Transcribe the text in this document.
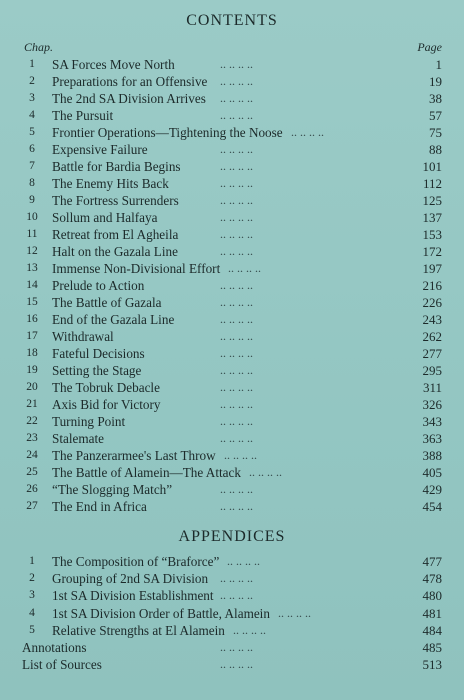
CONTENTS
Chap.	Page
1	SA Forces Move North	.. .. .. ..	1
2	Preparations for an Offensive .. .. .. ..	19
3	The 2nd SA Division Arrives .. .. .. ..	38
4	The Pursuit	.. .. .. ..	57
5	Frontier Operations—Tightening the Noose .. .. .. ..	75
6	Expensive Failure	.. .. .. ..	88
7	Battle for Bardia Begins	.. .. .. ..	101
8	The Enemy Hits Back	.. .. .. ..	112
9	The Fortress Surrenders	.. .. .. ..	125
10	Sollum and Halfaya	.. .. .. ..	137
11	Retreat from El Agheila	.. .. .. ..	153
12	Halt on the Gazala Line	.. .. .. ..	172
13	Immense Non-Divisional Effort .. .. .. ..	197
14	Prelude to Action	.. .. .. ..	216
15	The Battle of Gazala	.. .. .. ..	226
16	End of the Gazala Line	.. .. .. ..	243
17	Withdrawal	.. .. .. ..	262
18	Fateful Decisions	.. .. .. ..	277
19	Setting the Stage	.. .. .. ..	295
20	The Tobruk Debacle	.. .. .. ..	311
21	Axis Bid for Victory	.. .. .. ..	326
22	Turning Point	.. .. .. ..	343
23	Stalemate	.. .. .. ..	363
24	The Panzerarmee's Last Throw .. .. .. ..	388
25	The Battle of Alamein—The Attack .. .. .. ..	405
26	“The Slogging Match”	.. .. .. ..	429
27	The End in Africa	.. .. .. ..	454
APPENDICES
1	The Composition of “Braforce” .. .. .. ..	477
2	Grouping of 2nd SA Division .. .. .. ..	478
3	1st SA Division Establishment .. .. .. ..	480
4	1st SA Division Order of Battle, Alamein .. .. .. ..	481
5	Relative Strengths at El Alamein .. .. .. ..	484
Annotations	.. .. .. ..	485
List of Sources	.. .. .. ..	513
